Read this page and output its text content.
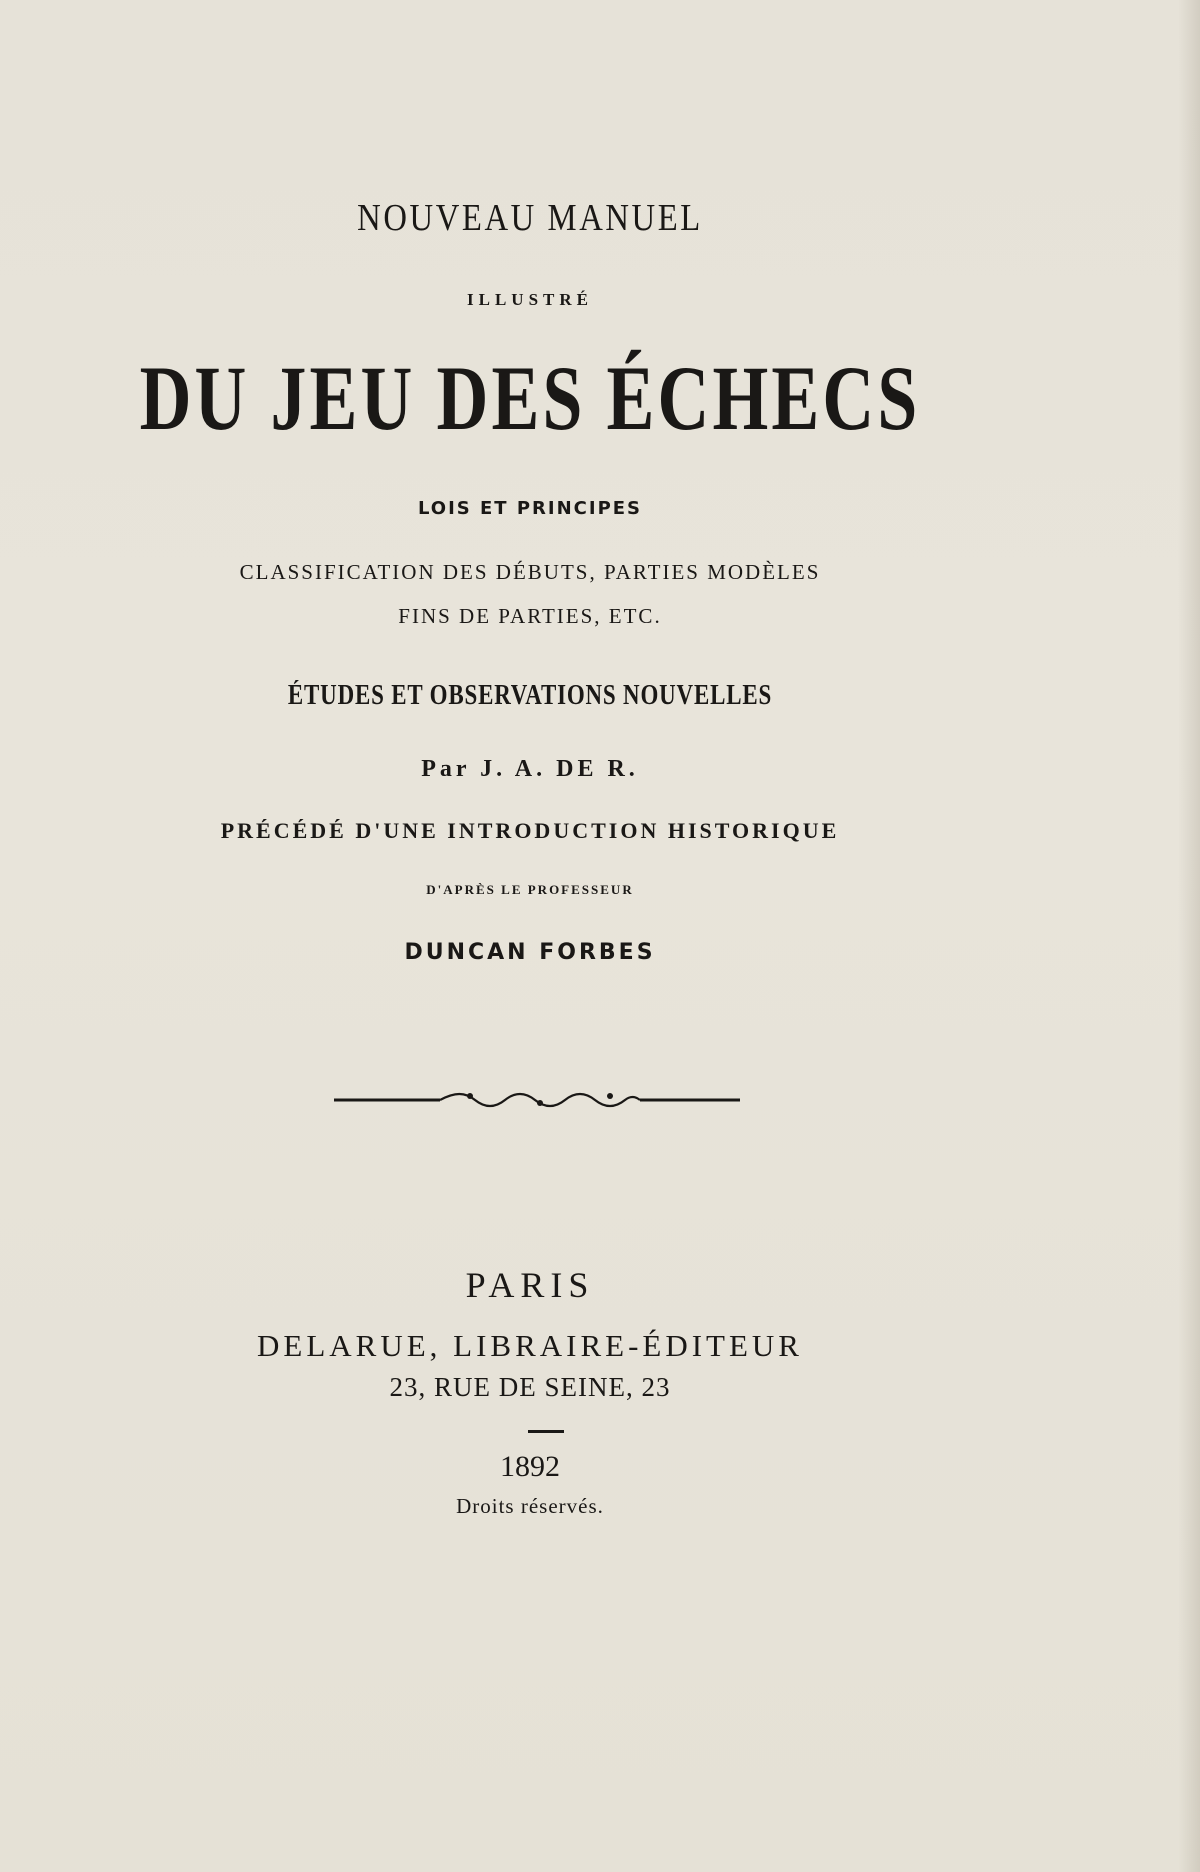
NOUVEAU MANUEL
ILLUSTRÉ
DU JEU DES ÉCHECS
LOIS ET PRINCIPES
CLASSIFICATION DES DÉBUTS, PARTIES MODÈLES
FINS DE PARTIES, ETC.
ÉTUDES ET OBSERVATIONS NOUVELLES
Par J. A. DE R.
PRÉCÉDÉ D'UNE INTRODUCTION HISTORIQUE
D'APRÈS LE PROFESSEUR
DUNCAN FORBES
PARIS
DELARUE, LIBRAIRE-ÉDITEUR
23, RUE DE SEINE, 23
1892
Droits réservés.
